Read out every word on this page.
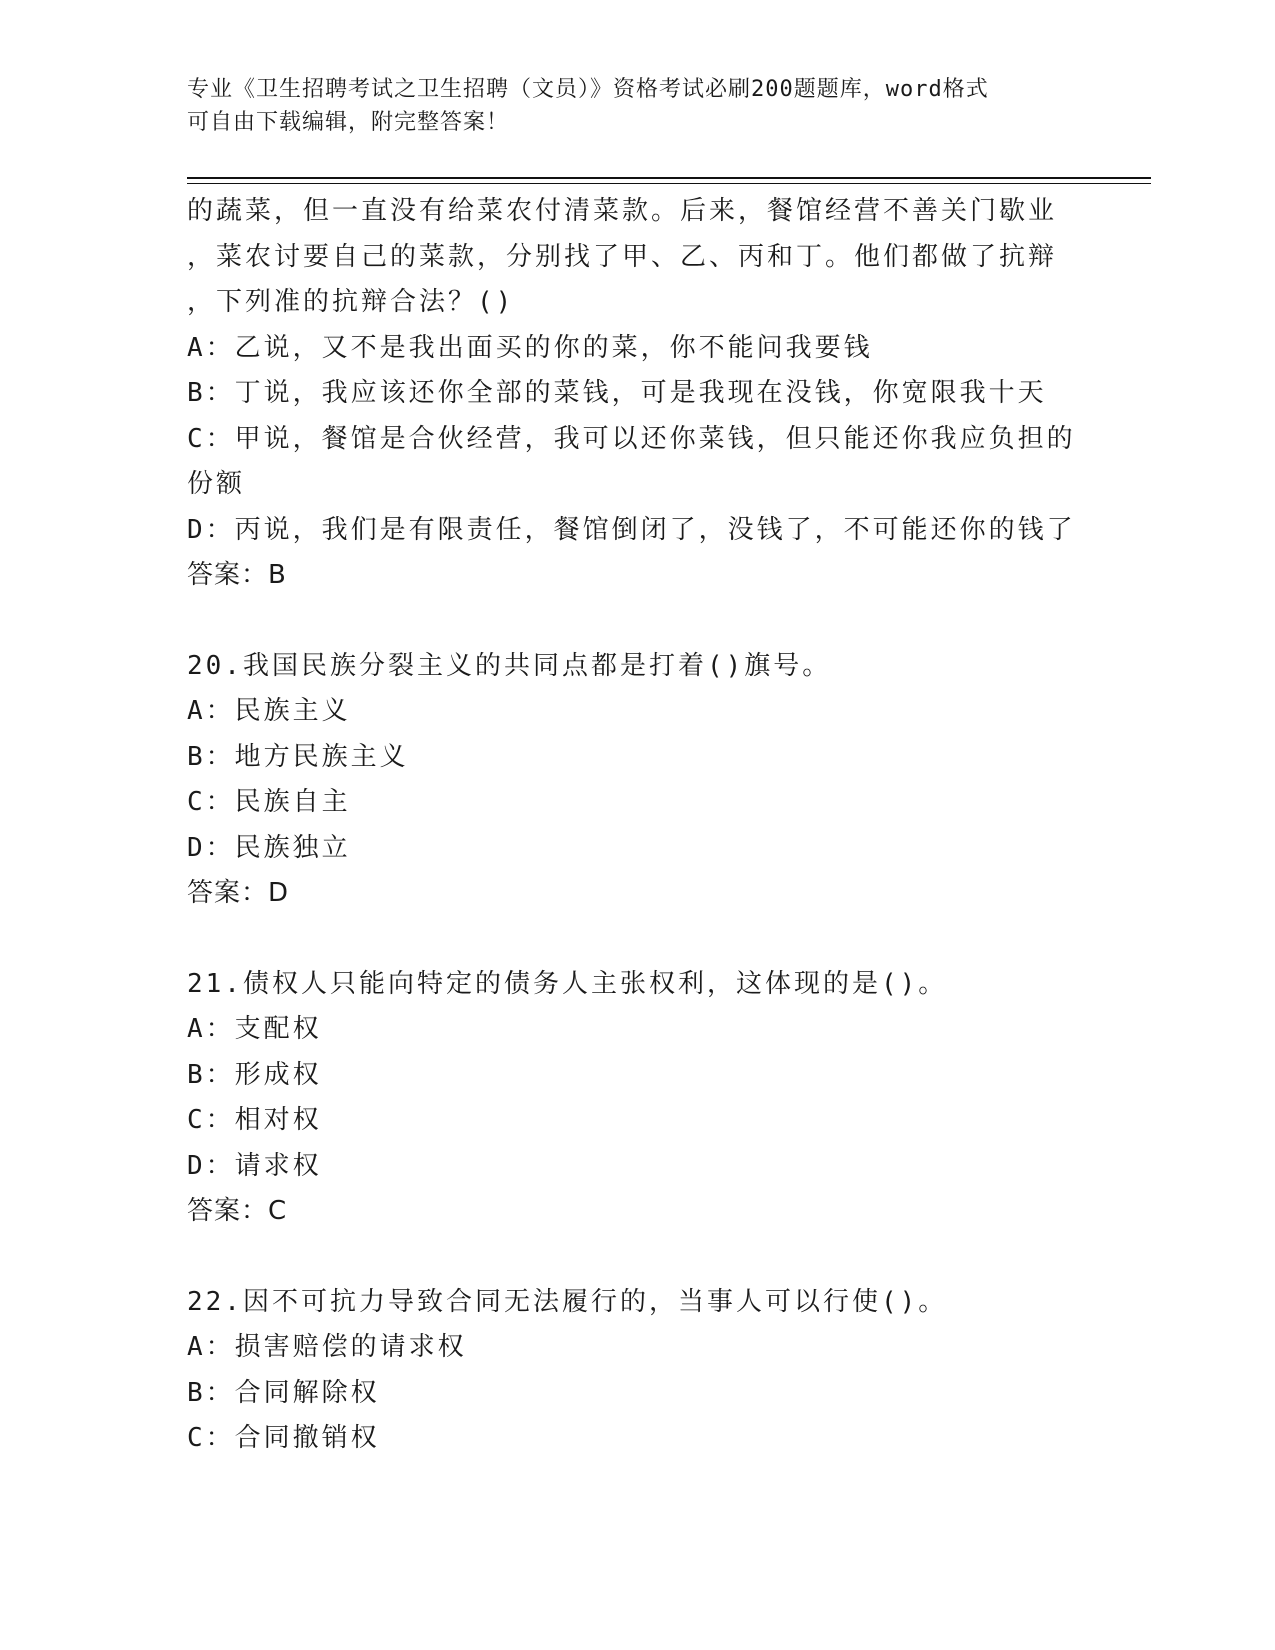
专业《卫生招聘考试之卫生招聘（文员）》资格考试必刷200题题库，word格式
可自由下载编辑，附完整答案！
的蔬菜，但一直没有给菜农付清菜款。后来，餐馆经营不善关门歇业
，菜农讨要自己的菜款，分别找了甲、乙、丙和丁。他们都做了抗辩
，下列准的抗辩合法？()
A：乙说，又不是我出面买的你的菜，你不能问我要钱
B：丁说，我应该还你全部的菜钱，可是我现在没钱，你宽限我十天
C：甲说，餐馆是合伙经营，我可以还你菜钱，但只能还你我应负担的
份额
D：丙说，我们是有限责任，餐馆倒闭了，没钱了，不可能还你的钱了
答案：B
20.我国民族分裂主义的共同点都是打着()旗号。
A：民族主义
B：地方民族主义
C：民族自主
D：民族独立
答案：D
21.债权人只能向特定的债务人主张权利，这体现的是()。
A：支配权
B：形成权
C：相对权
D：请求权
答案：C
22.因不可抗力导致合同无法履行的，当事人可以行使()。
A：损害赔偿的请求权
B：合同解除权
C：合同撤销权
